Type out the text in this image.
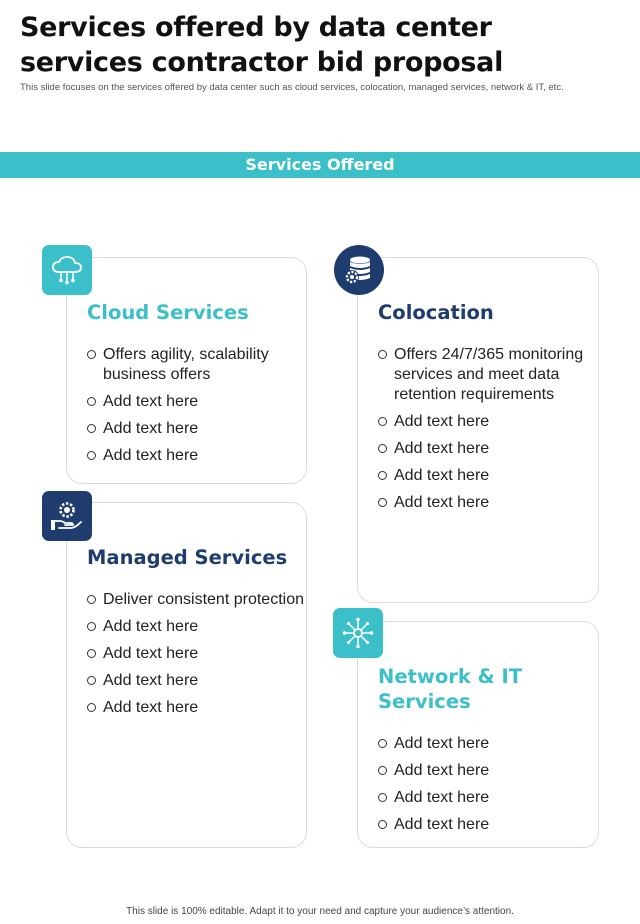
Services offered by data center services contractor bid proposal
This slide focuses on the services offered by data center such as cloud services, colocation, managed services, network & IT, etc.
Services Offered
Cloud Services
Offers agility, scalability business offers
Add text here
Add text here
Add text here
Colocation
Offers 24/7/365 monitoring services and meet data retention requirements
Add text here
Add text here
Add text here
Add text here
Managed Services
Deliver consistent protection
Add text here
Add text here
Add text here
Add text here
Network & IT Services
Add text here
Add text here
Add text here
Add text here
This slide is 100% editable. Adapt it to your need and capture your audience’s attention.
